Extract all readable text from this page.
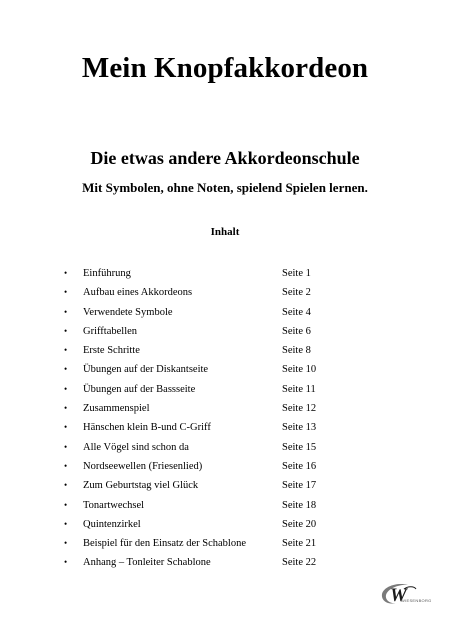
Mein Knopfakkordeon
Die etwas andere Akkordeonschule
Mit Symbolen, ohne Noten, spielend Spielen lernen.
Inhalt
• Einführung	Seite 1
• Aufbau eines Akkordeons	Seite 2
• Verwendete Symbole	Seite 4
• Grifftabellen	Seite 6
• Erste Schritte	Seite 8
• Übungen auf der Diskantseite	Seite 10
• Übungen auf der Bassseite	Seite 11
• Zusammenspiel	Seite 12
• Hänschen klein B-und C-Griff	Seite 13
• Alle Vögel sind schon da	Seite 15
• Nordseewellen (Friesenlied)	Seite 16
• Zum Geburtstag viel Glück	Seite 17
• Tonartwechsel	Seite 18
• Quintenzirkel	Seite 20
• Beispiel für den Einsatz der Schablone	Seite 21
• Anhang – Tonleiter Schablone	Seite 22
W
WIESENBORG
